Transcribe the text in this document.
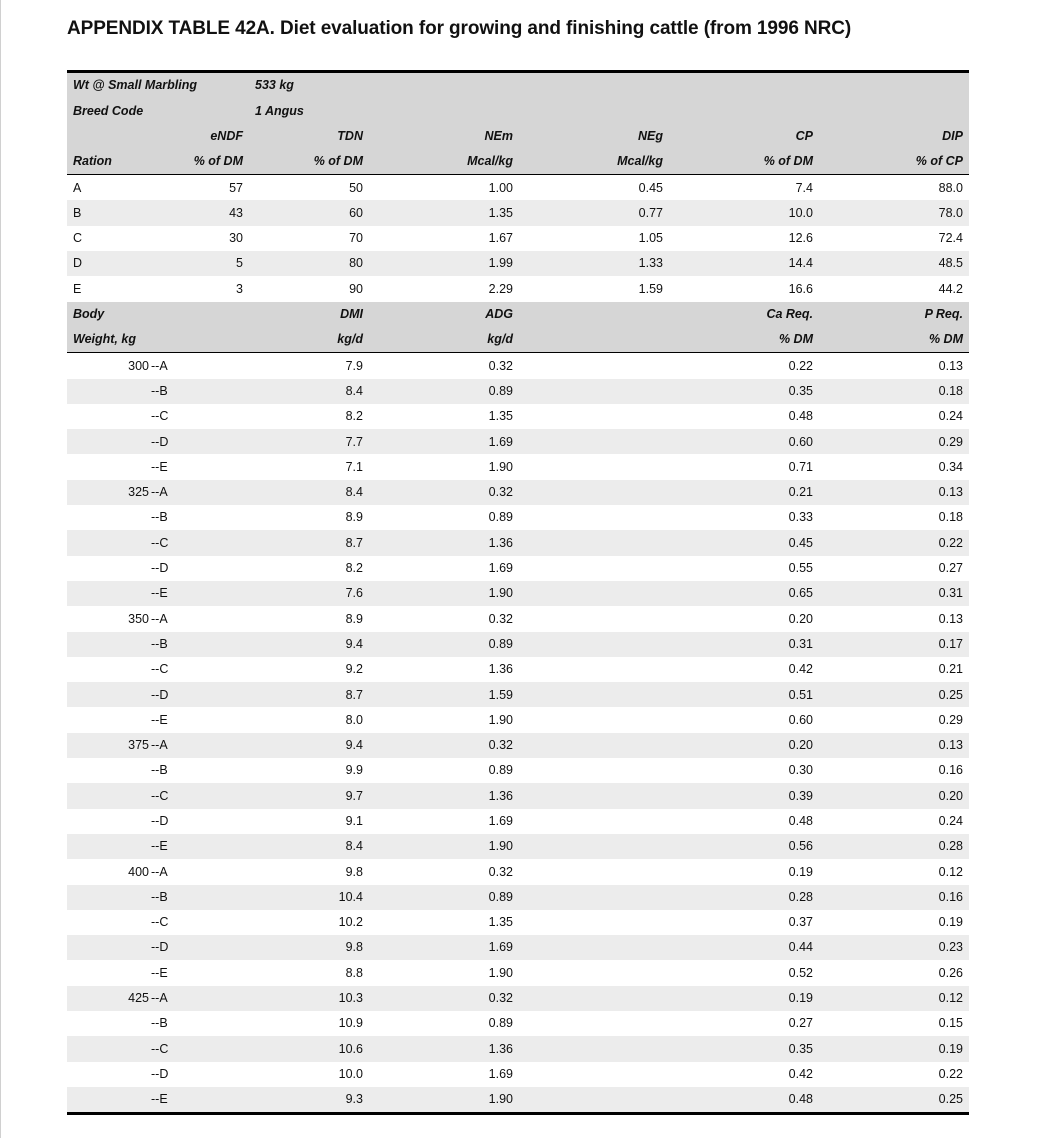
APPENDIX TABLE 42A. Diet evaluation for growing and finishing cattle (from 1996 NRC)
Wt @ Small Marbling		533 kg				
Breed Code		1 Angus				
	eNDF	TDN	NEm	NEg	CP	DIP
Ration	% of DM	% of DM	Mcal/kg	Mcal/kg	% of DM	% of CP
A	57	50	1.00	0.45	7.4	88.0
B	43	60	1.35	0.77	10.0	78.0
C	30	70	1.67	1.05	12.6	72.4
D	5	80	1.99	1.33	14.4	48.5
E	3	90	2.29	1.59	16.6	44.2
Body		DMI	ADG		Ca Req.	P Req.
Weight, kg		kg/d	kg/d		% DM	% DM
300	--A	7.9	0.32		0.22	0.13
	--B	8.4	0.89		0.35	0.18
	--C	8.2	1.35		0.48	0.24
	--D	7.7	1.69		0.60	0.29
	--E	7.1	1.90		0.71	0.34
325	--A	8.4	0.32		0.21	0.13
	--B	8.9	0.89		0.33	0.18
	--C	8.7	1.36		0.45	0.22
	--D	8.2	1.69		0.55	0.27
	--E	7.6	1.90		0.65	0.31
350	--A	8.9	0.32		0.20	0.13
	--B	9.4	0.89		0.31	0.17
	--C	9.2	1.36		0.42	0.21
	--D	8.7	1.59		0.51	0.25
	--E	8.0	1.90		0.60	0.29
375	--A	9.4	0.32		0.20	0.13
	--B	9.9	0.89		0.30	0.16
	--C	9.7	1.36		0.39	0.20
	--D	9.1	1.69		0.48	0.24
	--E	8.4	1.90		0.56	0.28
400	--A	9.8	0.32		0.19	0.12
	--B	10.4	0.89		0.28	0.16
	--C	10.2	1.35		0.37	0.19
	--D	9.8	1.69		0.44	0.23
	--E	8.8	1.90		0.52	0.26
425	--A	10.3	0.32		0.19	0.12
	--B	10.9	0.89		0.27	0.15
	--C	10.6	1.36		0.35	0.19
	--D	10.0	1.69		0.42	0.22
	--E	9.3	1.90		0.48	0.25
